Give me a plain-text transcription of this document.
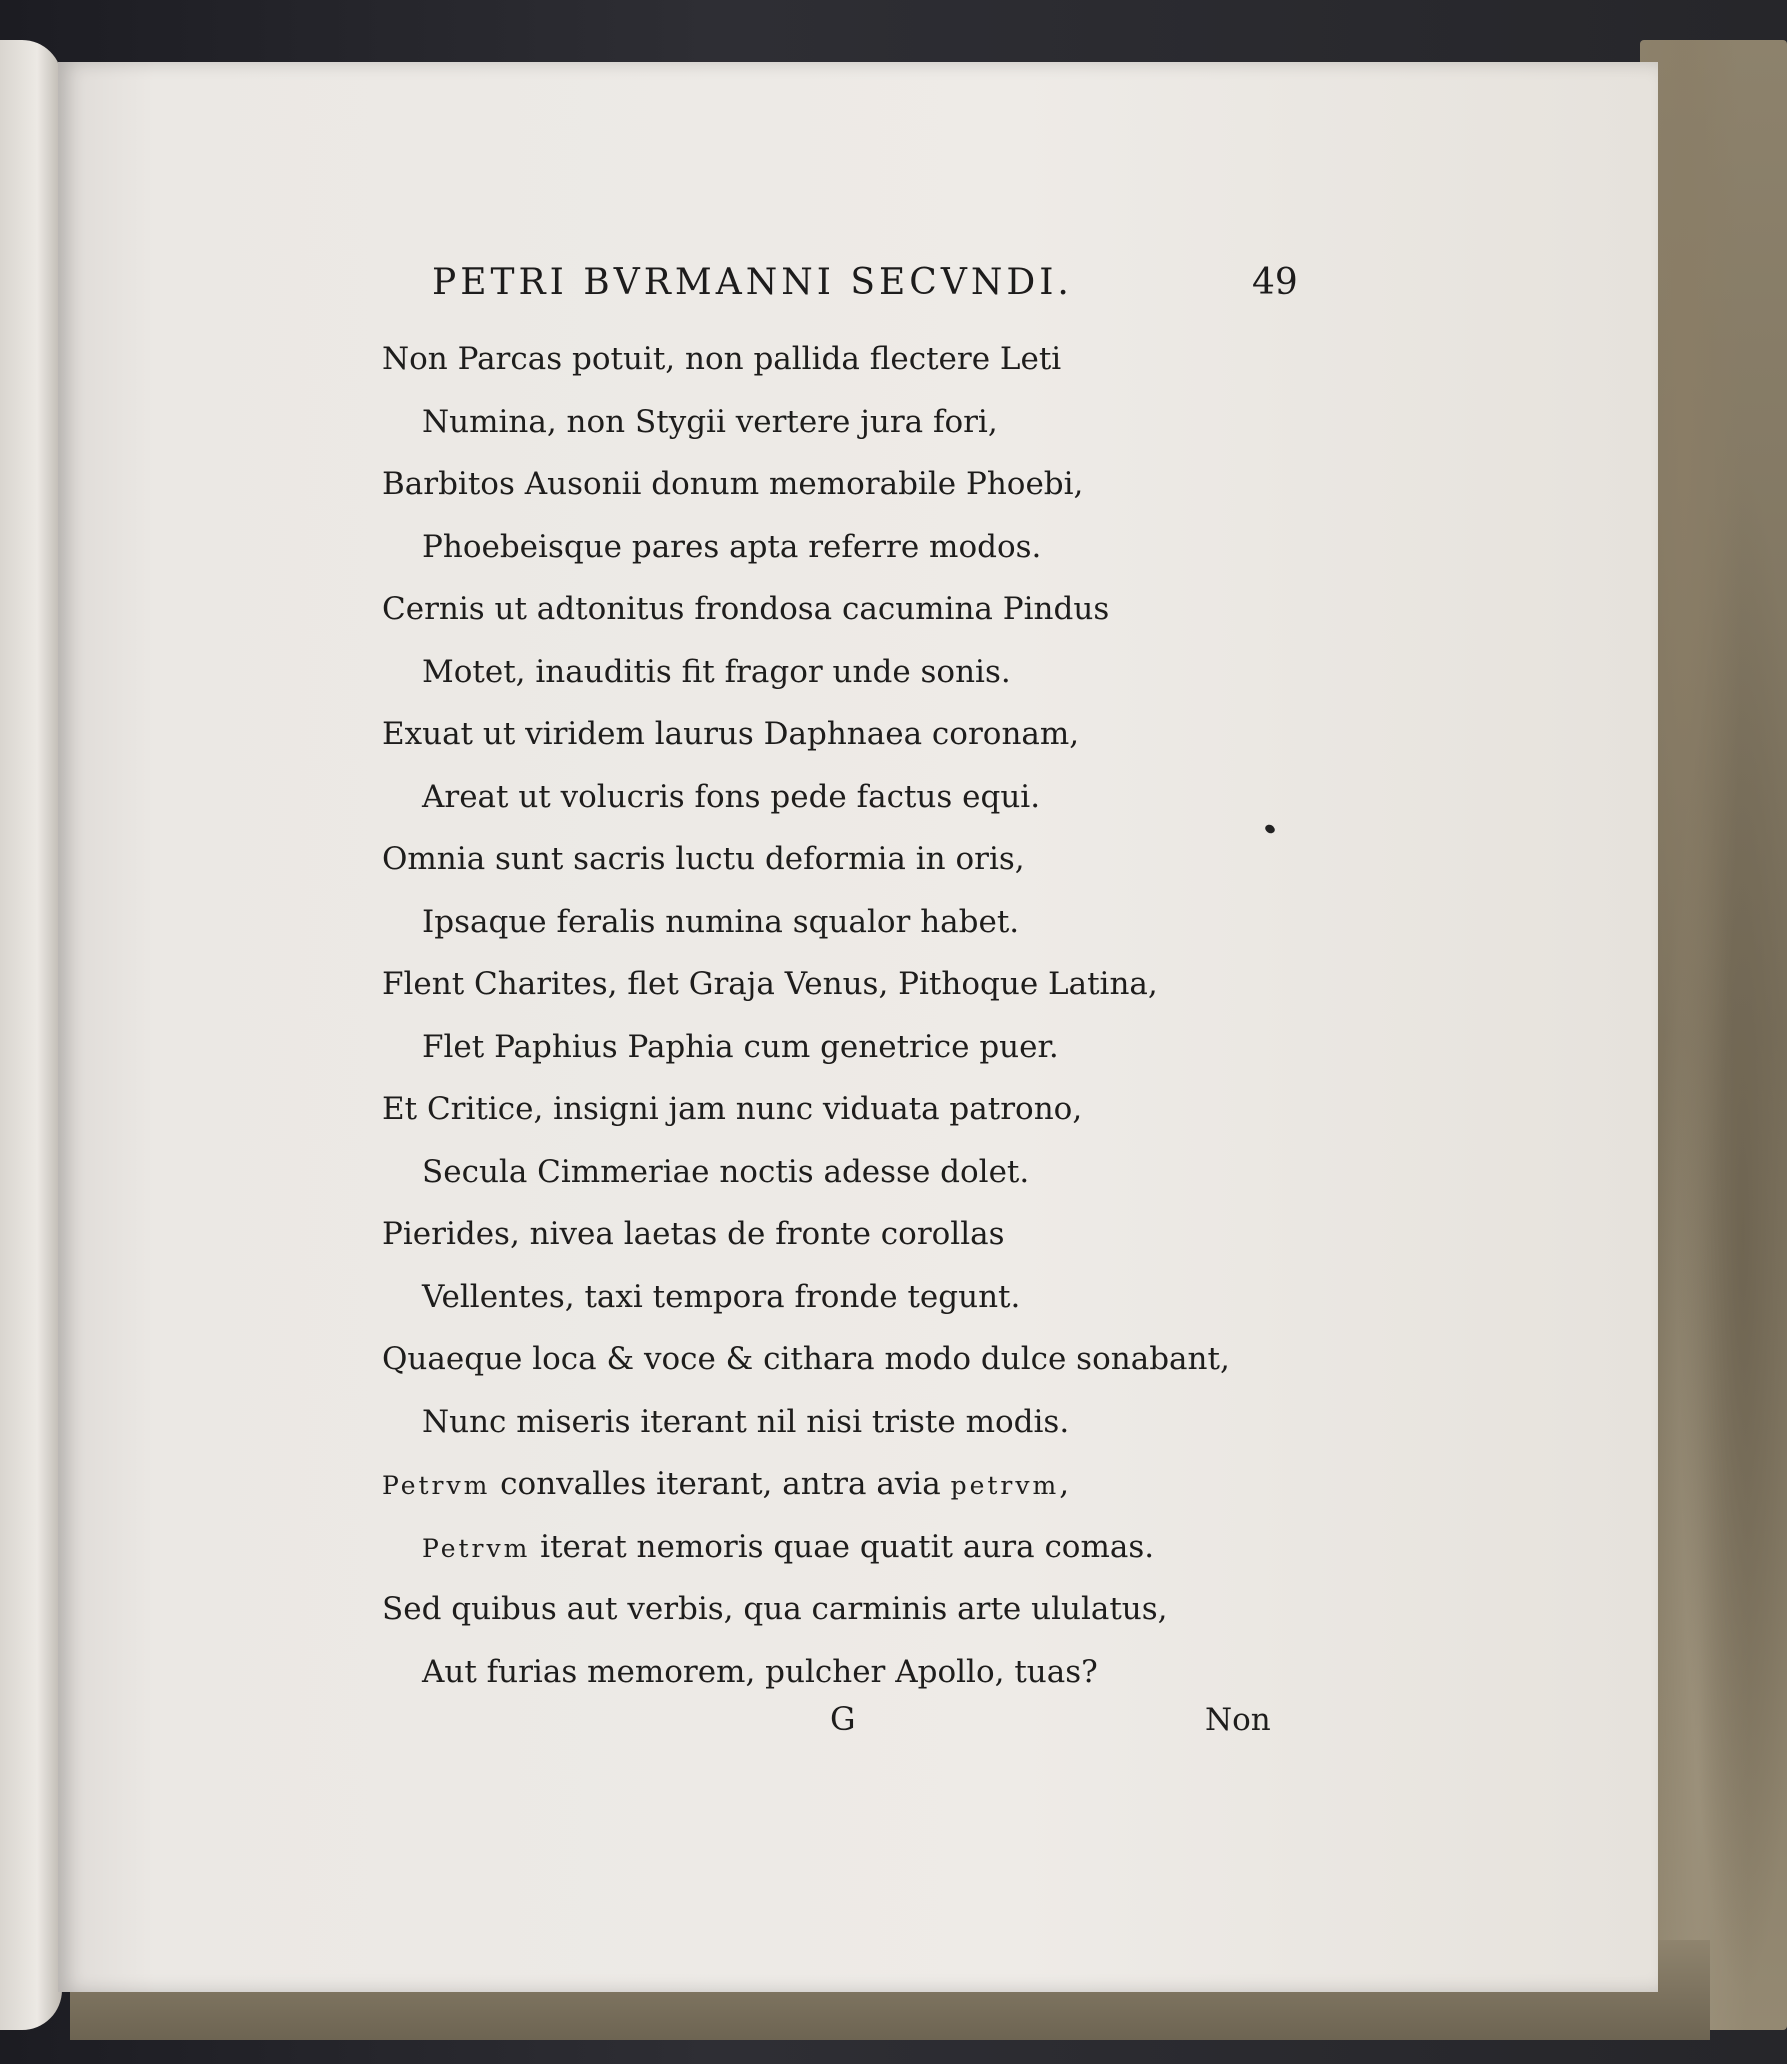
PETRI BVRMANNI SECVNDI.	49
Non Parcas potuit, non pallida flectere Leti
Numina, non Stygii vertere jura fori,
Barbitos Ausonii donum memorabile Phoebi,
Phoebeisque pares apta referre modos.
Cernis ut adtonitus frondosa cacumina Pindus
Motet, inauditis fit fragor unde sonis.
Exuat ut viridem laurus Daphnaea coronam,
Areat ut volucris fons pede factus equi.
Omnia sunt sacris luctu deformia in oris,
Ipsaque feralis numina squalor habet.
Flent Charites, flet Graja Venus, Pithoque Latina,
Flet Paphius Paphia cum genetrice puer.
Et Critice, insigni jam nunc viduata patrono,
Secula Cimmeriae noctis adesse dolet.
Pierides, nivea laetas de fronte corollas
Vellentes, taxi tempora fronde tegunt.
Quaeque loca & voce & cithara modo dulce sonabant,
Nunc miseris iterant nil nisi triste modis.
Petrvm convalles iterant, antra avia petrvm,
Petrvm iterat nemoris quae quatit aura comas.
Sed quibus aut verbis, qua carminis arte ululatus,
Aut furias memorem, pulcher Apollo, tuas?
G	Non
